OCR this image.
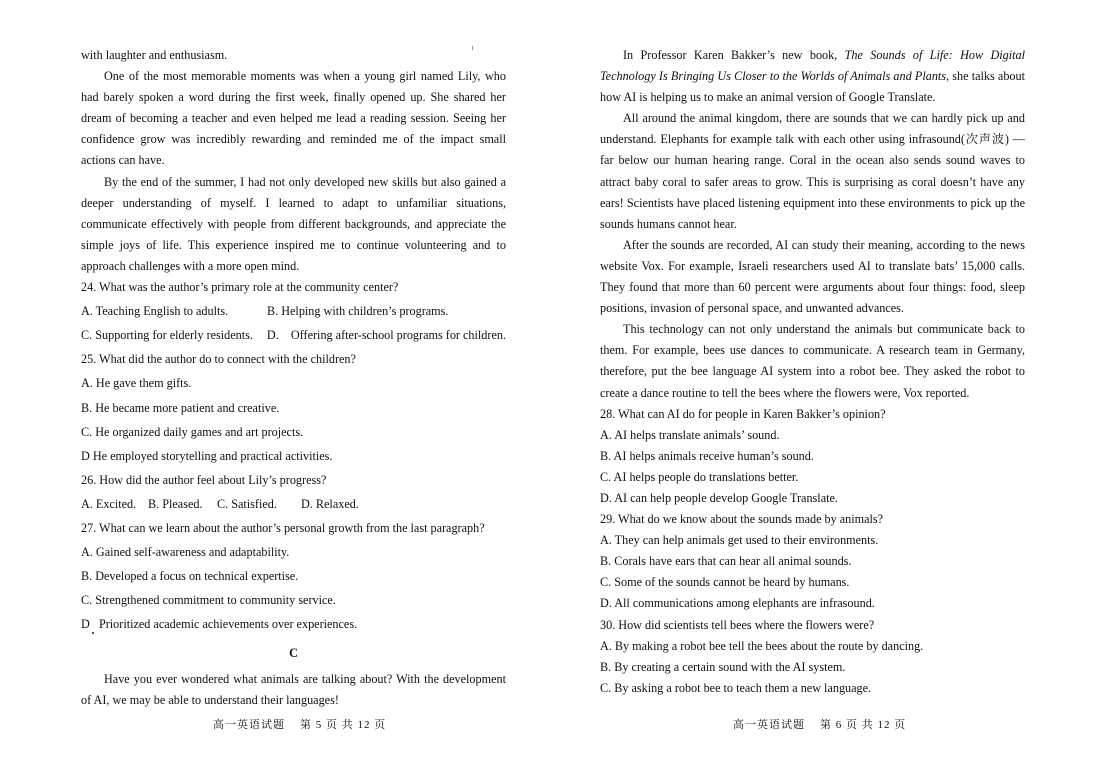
with laughter and enthusiasm.

One of the most memorable moments was when a young girl named Lily, who had barely spoken a word during the first week, finally opened up. She shared her dream of becoming a teacher and even helped me lead a reading session. Seeing her confidence grow was incredibly rewarding and reminded me of the impact small actions can have.

By the end of the summer, I had not only developed new skills but also gained a deeper understanding of myself. I learned to adapt to unfamiliar situations, communicate effectively with people from different backgrounds, and appreciate the simple joys of life. This experience inspired me to continue volunteering and to approach challenges with a more open mind.

24. What was the author’s primary role at the community center?
A. Teaching English to adults.	B. Helping with children’s programs.
C. Supporting for elderly residents.	D.    Offering after-school programs for children.
25. What did the author do to connect with the children?
A. He gave them gifts.
B. He became more patient and creative.
C. He organized daily games and art projects.
D He employed storytelling and practical activities.
26. How did the author feel about Lily’s progress?
A. Excited. B. Pleased.	C. Satisfied.	D. Relaxed.
27. What can we learn about the author’s personal growth from the last paragraph?
A. Gained self-awareness and adaptability.
B. Developed a focus on technical expertise.
C. Strengthened commitment to community service.
D   Prioritized academic achievements over experiences.
C

Have you ever wondered what animals are talking about? With the development of AI, we may be able to understand their languages!

高一英语试题    第 5 页 共 12 页

In Professor Karen Bakker’s new book, The Sounds of Life: How Digital Technology Is Bringing Us Closer to the Worlds of Animals and Plants, she talks about how AI is helping us to make an animal version of Google Translate.

All around the animal kingdom, there are sounds that we can hardly pick up and understand. Elephants for example talk with each other using infrasound(次声波) — far below our human hearing range. Coral in the ocean also sends sound waves to attract baby coral to safer areas to grow. This is surprising as coral doesn’t have any ears! Scientists have placed listening equipment into these environments to pick up the sounds humans cannot hear.

After the sounds are recorded, AI can study their meaning, according to the news website Vox. For example, Israeli researchers used AI to translate bats’ 15,000 calls. They found that more than 60 percent were arguments about four things: food, sleep positions, invasion of personal space, and unwanted advances.

This technology can not only understand the animals but communicate back to them. For example, bees use dances to communicate. A research team in Germany, therefore, put the bee language AI system into a robot bee. They asked the robot to create a dance routine to tell the bees where the flowers were, Vox reported.

28. What can AI do for people in Karen Bakker’s opinion?
A. AI helps translate animals’ sound.
B. AI helps animals receive human’s sound.
C. AI helps people do translations better.
D. AI can help people develop Google Translate.
29. What do we know about the sounds made by animals?
A. They can help animals get used to their environments.
B. Corals have ears that can hear all animal sounds.
C. Some of the sounds cannot be heard by humans.
D. All communications among elephants are infrasound.
30. How did scientists tell bees where the flowers were?
A. By making a robot bee tell the bees about the route by dancing.
B. By creating a certain sound with the AI system.
C. By asking a robot bee to teach them a new language.
高一英语试题    第 6 页 共 12 页
